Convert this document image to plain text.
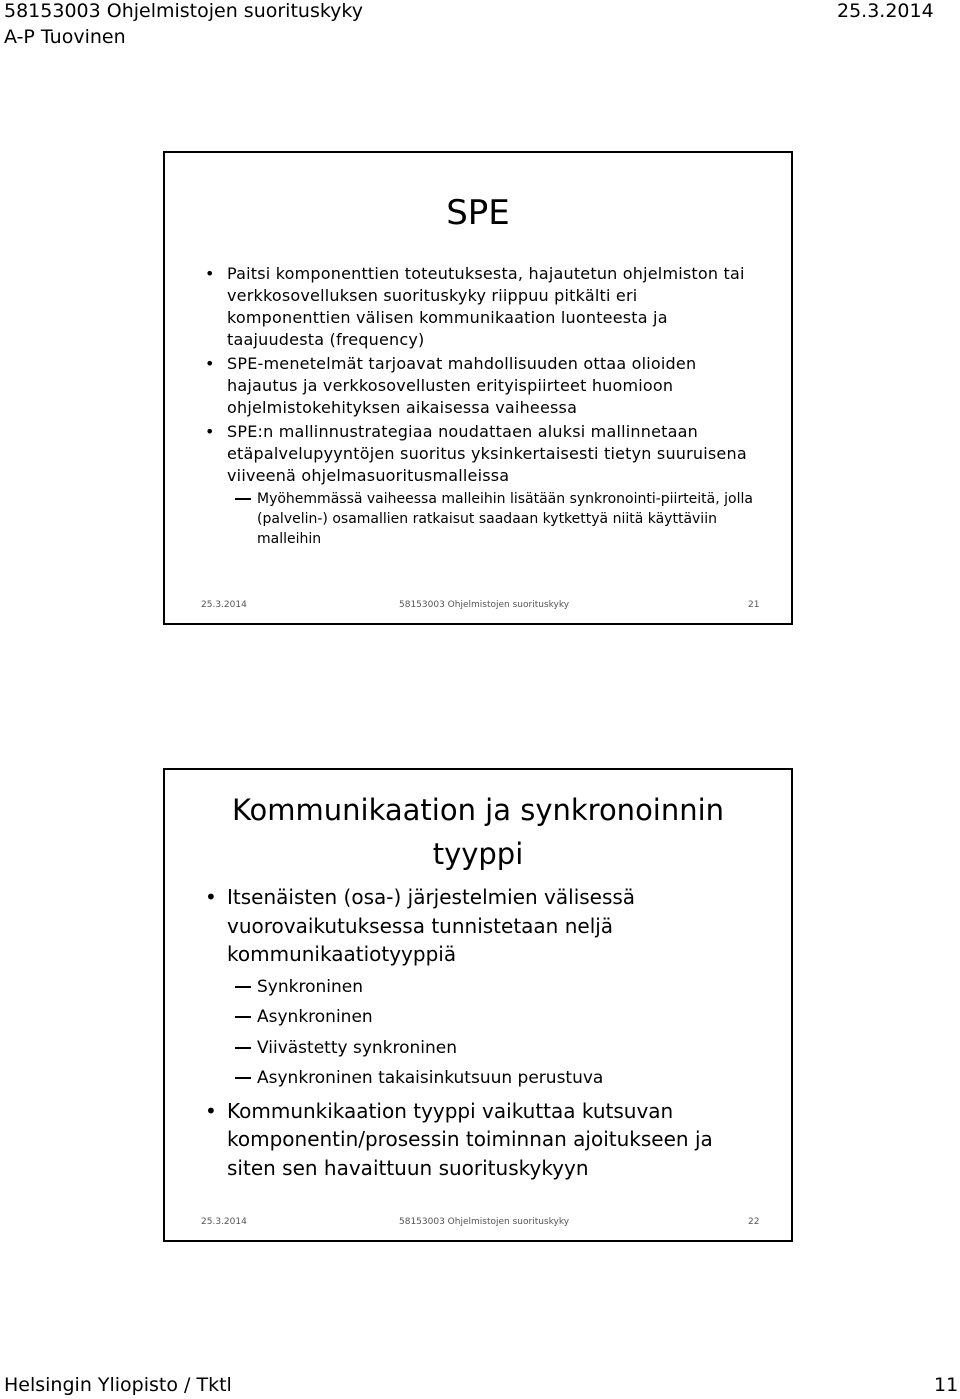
58153003 Ohjelmistojen suorituskyky	25.3.2014
A-P Tuovinen
SPE
• Paitsi komponenttien toteutuksesta, hajautetun ohjelmiston tai verkkosovelluksen suorituskyky riippuu pitkälti eri komponenttien välisen kommunikaation luonteesta ja taajuudesta (frequency)
• SPE-menetelmät tarjoavat mahdollisuuden ottaa olioiden hajautus ja verkkosovellusten erityispiirteet huomioon ohjelmistokehityksen aikaisessa vaiheessa
• SPE:n mallinnustrategiaa noudattaen aluksi mallinnetaan etäpalvelupyyntöjen suoritus yksinkertaisesti tietyn suuruisena viiveenä ohjelmasuoritusmalleissa
Myöhemmässä vaiheessa malleihin lisätään synkronointi-piirteitä, jolla (palvelin-) osamallien ratkaisut saadaan kytkettyä niitä käyttäviin malleihin
25.3.2014	58153003 Ohjelmistojen suorituskyky	21
Kommunikaation ja synkronoinnin
tyyppi
• Itsenäisten (osa-) järjestelmien välisessä vuorovaikutuksessa tunnistetaan neljä kommunikaatiotyyppiä
Synkroninen
Asynkroninen
Viivästetty synkroninen
Asynkroninen takaisinkutsuun perustuva
• Kommunkikaation tyyppi vaikuttaa kutsuvan komponentin/prosessin toiminnan ajoitukseen ja siten sen havaittuun suorituskykyyn
25.3.2014	58153003 Ohjelmistojen suorituskyky	22
Helsingin Yliopisto / Tktl	11
